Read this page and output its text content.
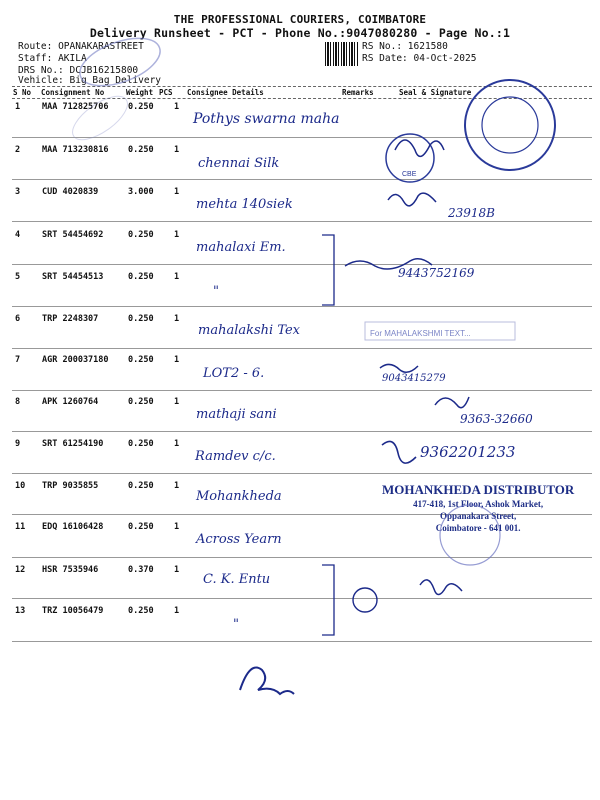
THE PROFESSIONAL COURIERS, COIMBATORE
Delivery Runsheet - PCT - Phone No.:9047080280 - Page No.:1
Route: OPANAKARASTREET
Staff: AKILA
DRS No.: DCJB16215800
Vehicle: Big Bag Delivery
RS No.: 1621580
RS Date: 04-Oct-2025
S No Consignment No	Weight PCS Consignee Details	Remarks	Seal & Signature
1	MAA 712825706 0.250 1
Pothys swarna maha
2	MAA 713230816 0.250 1
chennai Silk
3	CUD 4020839	3.000 1
mehta 140siek
23918B
4	SRT 54454692	0.250 1
mahalaxi Em.
5	SRT 54454513	0.250 1
"
9443752169
6	TRP 2248307	0.250 1
mahalakshi Tex	For MAHALAKSHMI TEXT...
7	AGR 200037180 0.250 1
LOT2 - 6.	9043415279
8	APK 1260764	0.250 1
mathaji sani	9363-32660
9	SRT 61254190	0.250 1
Ramdev c/c.	9362201233
10 TRP 9035855	0.250 1
Mohankheda
11 EDQ 16106428	0.250 1
Across Yearn
12 HSR 7535946	0.370 1
C. K. Entu
13 TRZ 10056479	0.250 1
"
MOHANKHEDA DISTRIBUTOR
417-418, 1st Floor, Ashok Market,
Oppanakara Street,
Coimbatore - 641 001.
CBE
